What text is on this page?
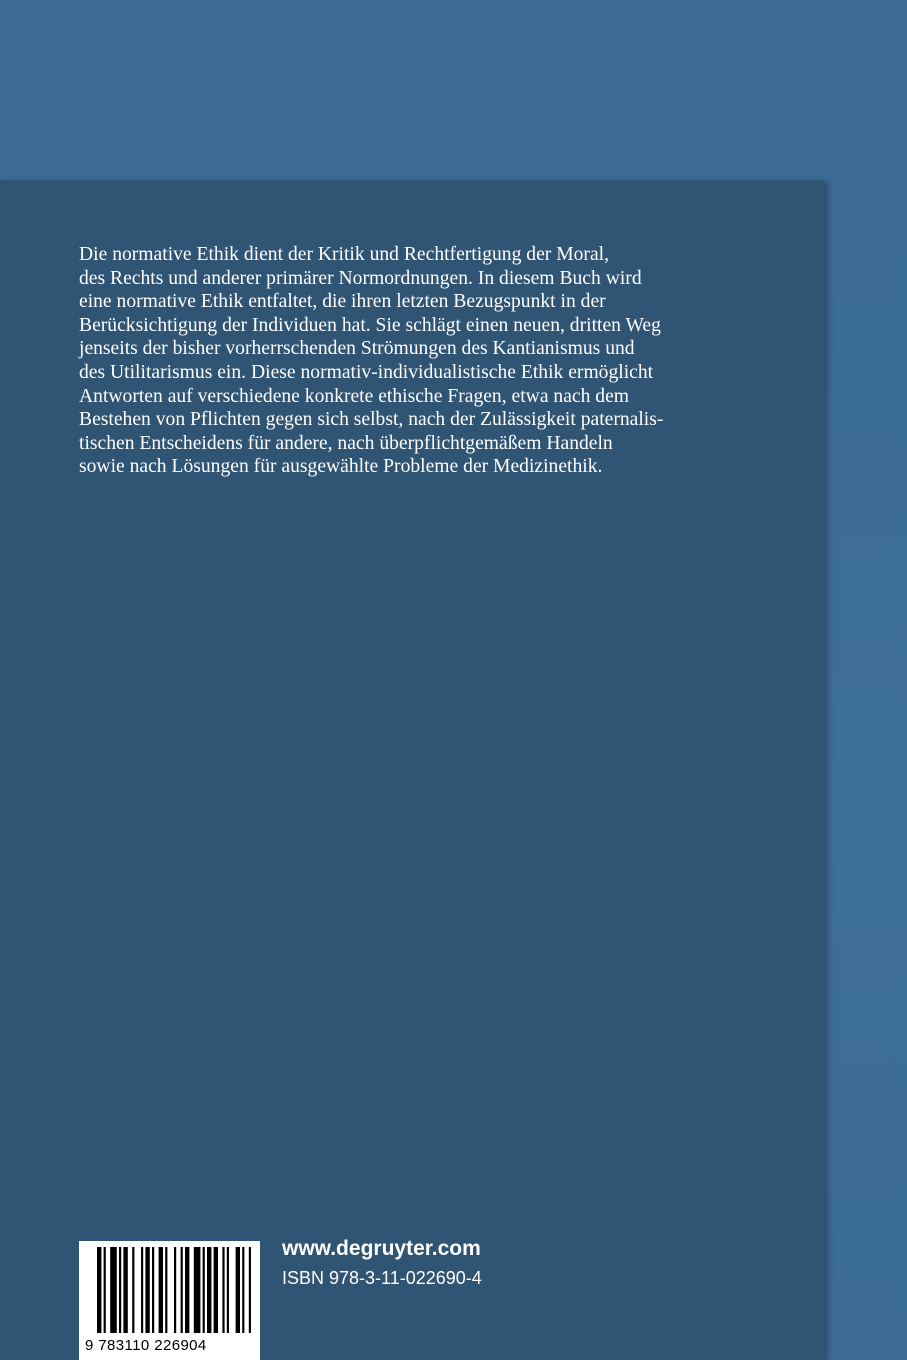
Die normative Ethik dient der Kritik und Rechtfertigung der Moral,
des Rechts und anderer primärer Normordnungen. In diesem Buch wird
eine normative Ethik entfaltet, die ihren letzten Bezugspunkt in der
Berücksichtigung der Individuen hat. Sie schlägt einen neuen, dritten Weg
jenseits der bisher vorherrschenden Strömungen des Kantianismus und
des Utilitarismus ein. Diese normativ-individualistische Ethik ermöglicht
Antworten auf verschiedene konkrete ethische Fragen, etwa nach dem
Bestehen von Pflichten gegen sich selbst, nach der Zulässigkeit paternalis-
tischen Entscheidens für andere, nach überpflichtgemäßem Handeln
sowie nach Lösungen für ausgewählte Probleme der Medizinethik.

9 783110 226904
www.degruyter.com
ISBN 978-3-11-022690-4
